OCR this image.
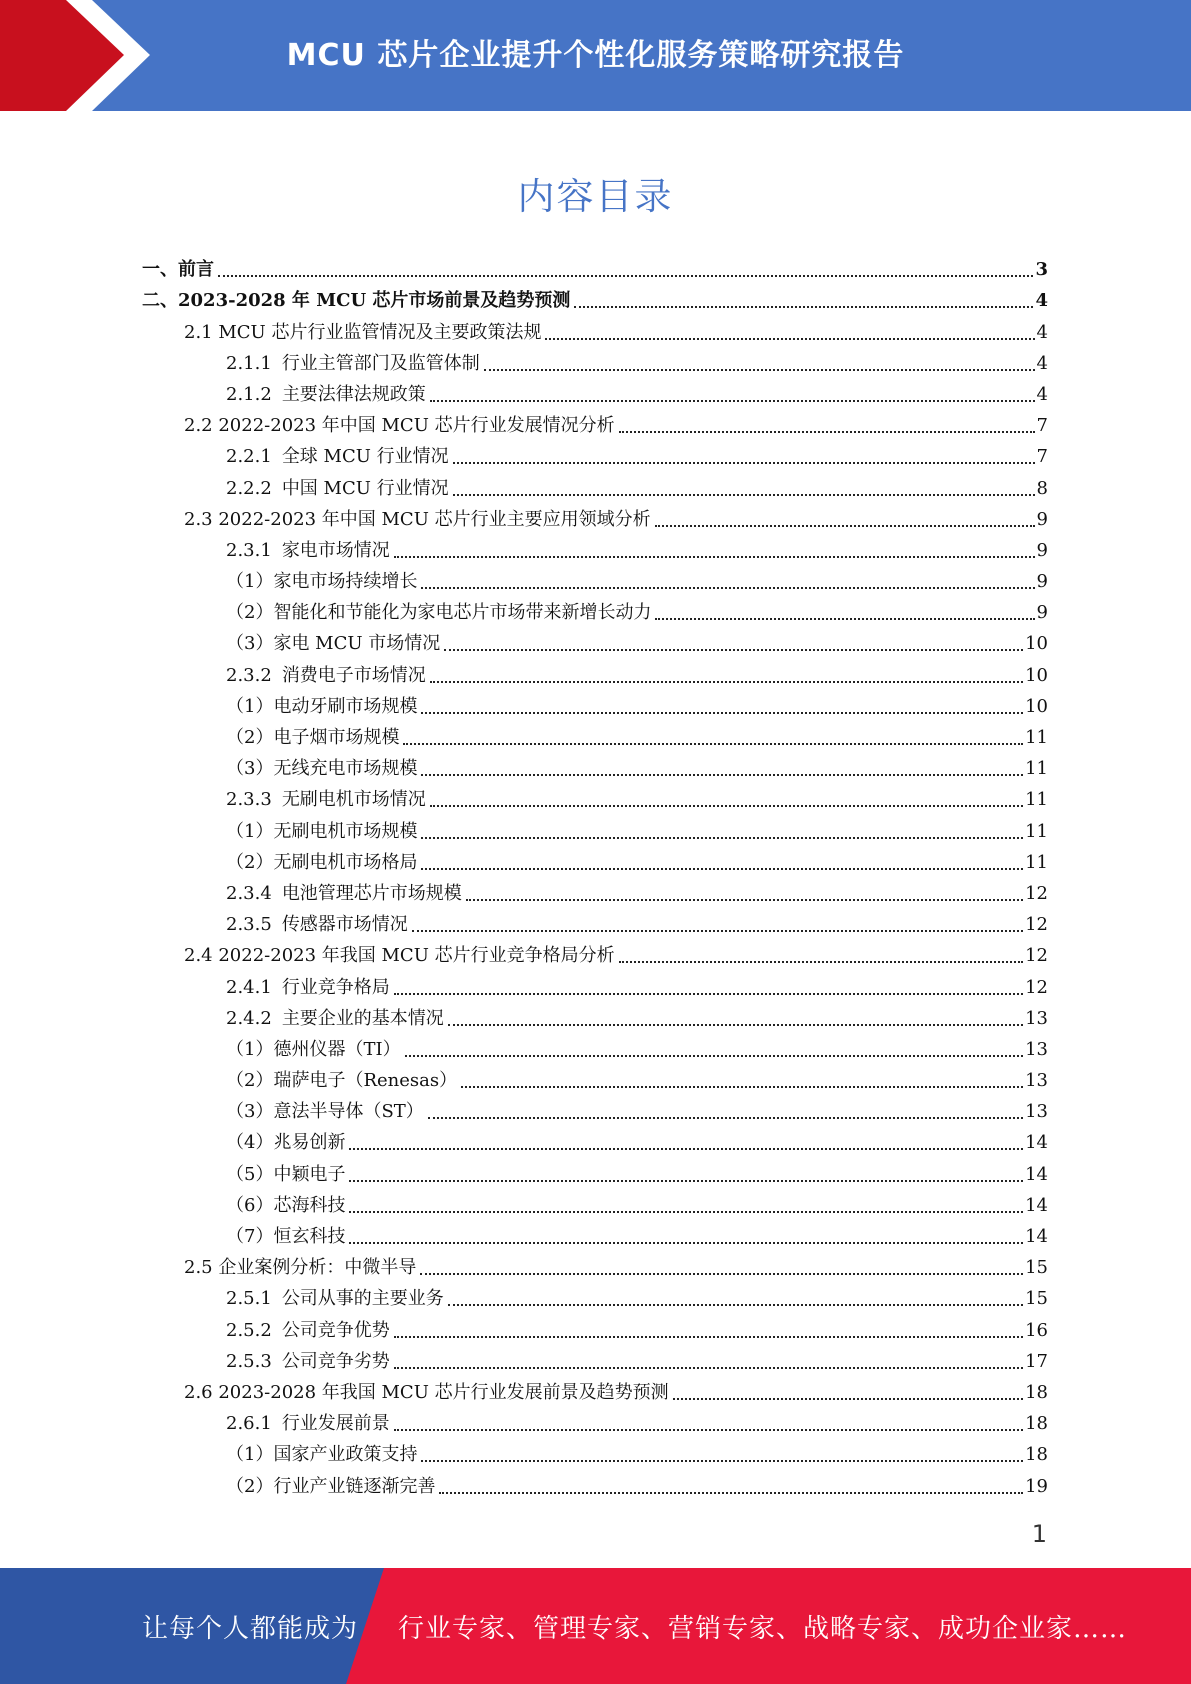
MCU 芯片企业提升个性化服务策略研究报告
内容目录
一、前言	3
二、2023-2028 年 MCU 芯片市场前景及趋势预测	4
2.1 MCU 芯片行业监管情况及主要政策法规	4
2.1.1 行业主管部门及监管体制	4
2.1.2 主要法律法规政策	4
2.2 2022-2023 年中国 MCU 芯片行业发展情况分析	7
2.2.1 全球 MCU 行业情况	7
2.2.2 中国 MCU 行业情况	8
2.3 2022-2023 年中国 MCU 芯片行业主要应用领域分析	9
2.3.1 家电市场情况	9
（1）家电市场持续增长	9
（2）智能化和节能化为家电芯片市场带来新增长动力	9
（3）家电 MCU 市场情况	10
2.3.2 消费电子市场情况	10
（1）电动牙刷市场规模	10
（2）电子烟市场规模	11
（3）无线充电市场规模	11
2.3.3 无刷电机市场情况	11
（1）无刷电机市场规模	11
（2）无刷电机市场格局	11
2.3.4 电池管理芯片市场规模	12
2.3.5 传感器市场情况	12
2.4 2022-2023 年我国 MCU 芯片行业竞争格局分析	12
2.4.1 行业竞争格局	12
2.4.2 主要企业的基本情况	13
（1）德州仪器（TI）	13
（2）瑞萨电子（Renesas）	13
（3）意法半导体（ST）	13
（4）兆易创新	14
（5）中颖电子	14
（6）芯海科技	14
（7）恒玄科技	14
2.5 企业案例分析：中微半导	15
2.5.1 公司从事的主要业务	15
2.5.2 公司竞争优势	16
2.5.3 公司竞争劣势	17
2.6 2023-2028 年我国 MCU 芯片行业发展前景及趋势预测	18
2.6.1 行业发展前景	18
（1）国家产业政策支持	18
（2）行业产业链逐渐完善	19
1
让每个人都能成为 行业专家、管理专家、营销专家、战略专家、成功企业家……
